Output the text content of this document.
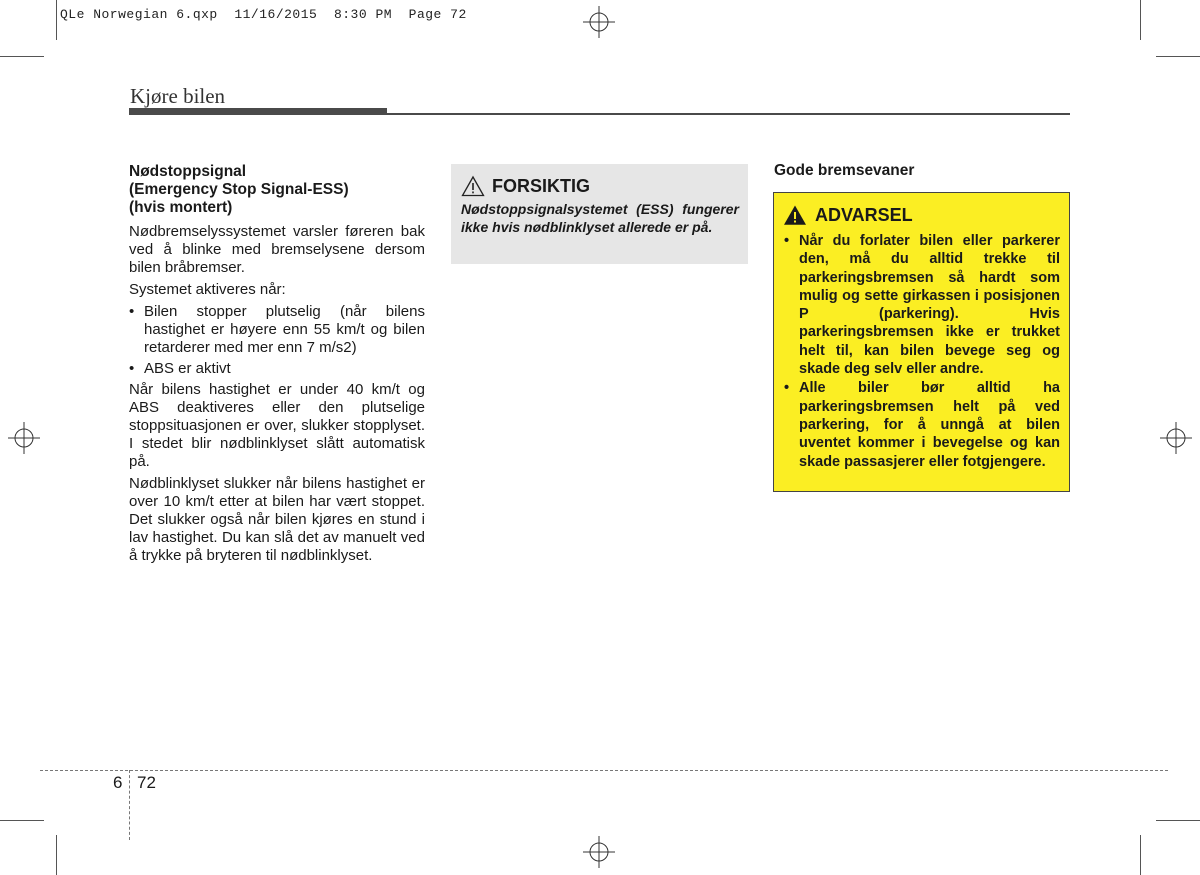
QLe Norwegian 6.qxp  11/16/2015  8:30 PM  Page 72
Kjøre bilen
Nødstoppsignal
(Emergency Stop Signal-ESS)
(hvis montert)

Nødbremselyssystemet varsler føreren bak ved å blinke med bremselysene dersom bilen bråbremser.

Systemet aktiveres når:

• Bilen stopper plutselig (når bilens hastighet er høyere enn 55 km/t og bilen retarderer med mer enn 7 m/s2)
• ABS er aktivt

Når bilens hastighet er under 40 km/t og ABS deaktiveres eller den plutselige stoppsituasjonen er over, slukker stopplyset. I stedet blir nødblinklyset slått automatisk på.

Nødblinklyset slukker når bilens hastighet er over 10 km/t etter at bilen har vært stoppet. Det slukker også når bilen kjøres en stund i lav hastighet. Du kan slå det av manuelt ved å trykke på bryteren til nødblinklyset.

FORSIKTIG
Nødstoppsignalsystemet (ESS) fungerer ikke hvis nødblinklyset allerede er på.
Gode bremsevaner
ADVARSEL
• Når du forlater bilen eller parkerer den, må du alltid trekke til parkeringsbremsen så hardt som mulig og sette girkassen i posisjonen P (parkering). Hvis parkeringsbremsen ikke er trukket helt til, kan bilen bevege seg og skade deg selv eller andre.
• Alle biler bør alltid ha parkeringsbremsen helt på ved parkering, for å unngå at bilen uventet kommer i bevegelse og kan skade passasjerer eller fotgjengere.
6 72
